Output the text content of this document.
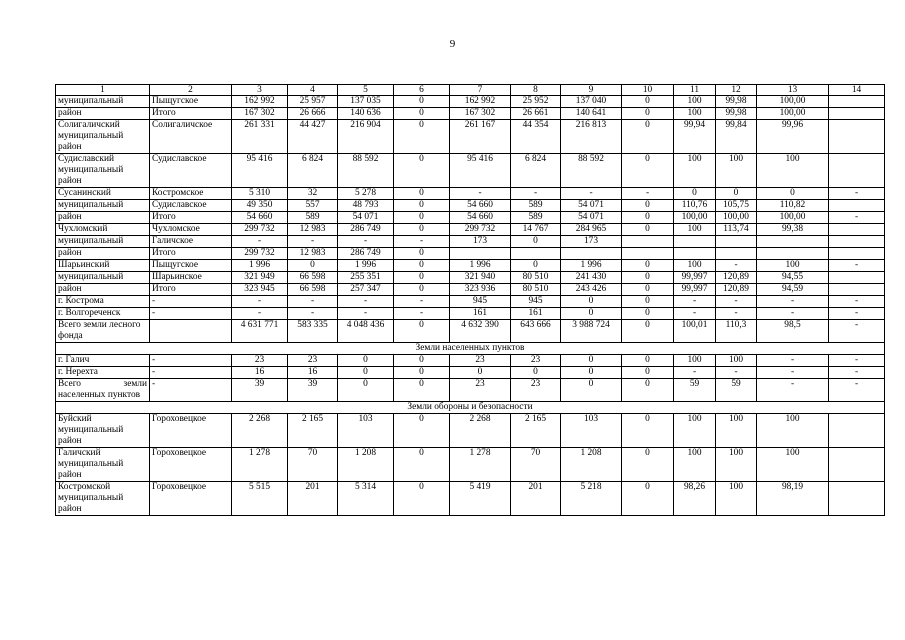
9
1	2	3	4	5	6	7	8	9	10	11	12	13	14
муниципальный	Пыщугское	162 992	25 957	137 035	0	162 992	25 952	137 040	0	100	99,98	100,00	
район	Итого	167 302	26 666	140 636	0	167 302	26 661	140 641	0	100	99,98	100,00	
Солигаличский муниципальный район	Солигаличское	261 331	44 427	216 904	0	261 167	44 354	216 813	0	99,94	99,84	99,96	
Судиславский муниципальный район	Судиславское	95 416	6 824	88 592	0	95 416	6 824	88 592	0	100	100	100	
Сусанинский	Костромское	5 310	32	5 278	0	-	-	-	-	0	0	0	-
муниципальный	Судиславское	49 350	557	48 793	0	54 660	589	54 071	0	110,76	105,75	110,82	
район	Итого	54 660	589	54 071	0	54 660	589	54 071	0	100,00	100,00	100,00	-
Чухломский	Чухломское	299 732	12 983	286 749	0	299 732	14 767	284 965	0	100	113,74	99,38	
муниципальный	Галичское	-	-	-	-	173	0	173					
район	Итого	299 732	12 983	286 749	0								
Шарьинский	Пыщугское	1 996	0	1 996	0	1 996	0	1 996	0	100	-	100	-
муниципальный	Шарьинское	321 949	66 598	255 351	0	321 940	80 510	241 430	0	99,997	120,89	94,55	
район	Итого	323 945	66 598	257 347	0	323 936	80 510	243 426	0	99,997	120,89	94,59	
г. Кострома	-	-	-	-	-	945	945	0	0	-	-	-	-
г. Волгореченск	-	-	-	-	-	161	161	0	0	-	-	-	-
Всего земли лесного фонда		4 631 771	583 335	4 048 436	0	4 632 390	643 666	3 988 724	0	100,01	110,3	98,5	-
Земли населенных пунктов													
г. Галич	-	23	23	0	0	23	23	0	0	100	100	-	-
г. Нерехта	-	16	16	0	0	0	0	0	0	-	-	-	-
Всего земли населенных пунктов	-	39	39	0	0	23	23	0	0	59	59	-	-
Земли обороны и безопасности													
Буйский муниципальный район	Гороховецкое	2 268	2 165	103	0	2 268	2 165	103	0	100	100	100	
Галичский муниципальный район	Гороховецкое	1 278	70	1 208	0	1 278	70	1 208	0	100	100	100	
Костромской муниципальный район	Гороховецкое	5 515	201	5 314	0	5 419	201	5 218	0	98,26	100	98,19	
